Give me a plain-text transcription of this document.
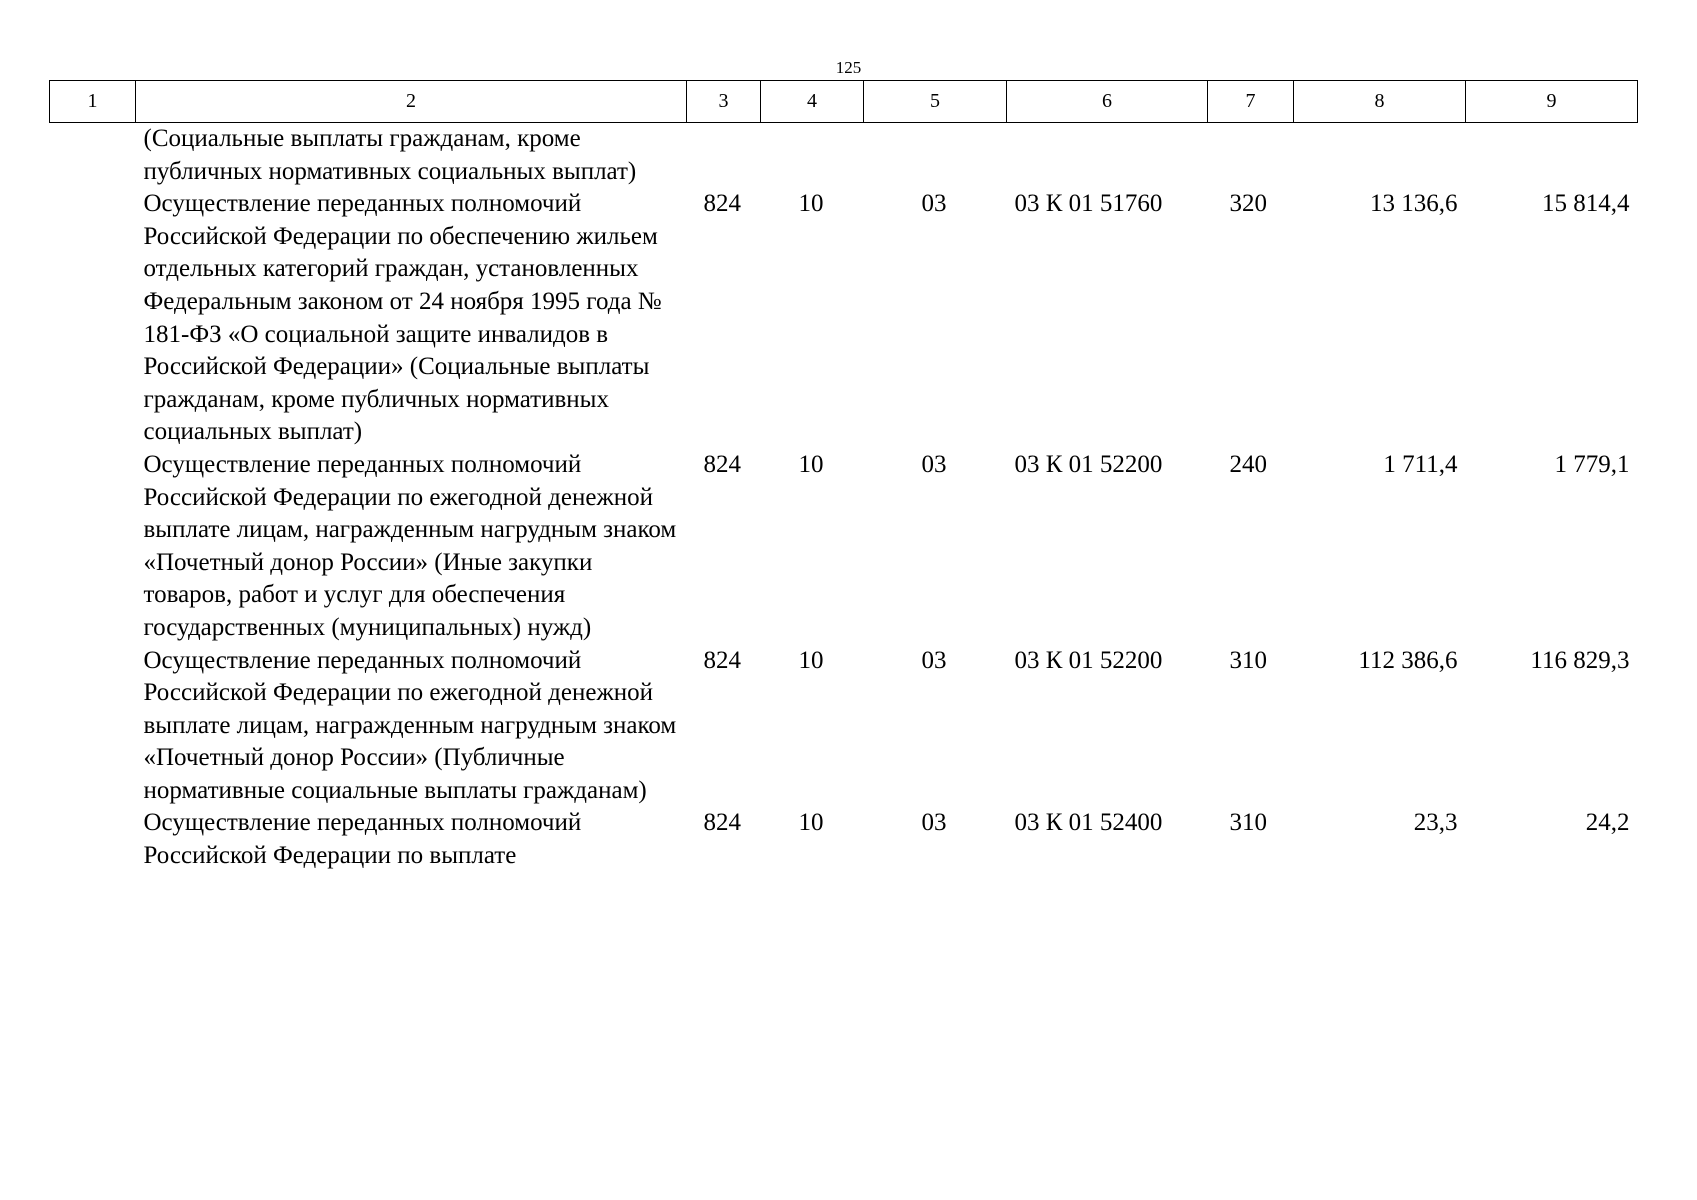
125
1	2	3	4	5	6	7	8	9
	(Социальные выплаты гражданам, кроме публичных нормативных социальных выплат)							
	Осуществление переданных полномочий Российской Федерации по обеспечению жильем отдельных категорий граждан, установленных Федеральным законом от 24 ноября 1995 года № 181-ФЗ «О социальной защите инвалидов в Российской Федерации» (Социальные выплаты гражданам, кроме публичных нормативных социальных выплат)	824	10	03	03 К 01 51760	320	13 136,6	15 814,4
	Осуществление переданных полномочий Российской Федерации по ежегодной денежной выплате лицам, награжденным нагрудным знаком «Почетный донор России» (Иные закупки товаров, работ и услуг для обеспечения государственных (муниципальных) нужд)	824	10	03	03 К 01 52200	240	1 711,4	1 779,1
	Осуществление переданных полномочий Российской Федерации по ежегодной денежной выплате лицам, награжденным нагрудным знаком «Почетный донор России» (Публичные нормативные социальные выплаты гражданам)	824	10	03	03 К 01 52200	310	112 386,6	116 829,3
	Осуществление переданных полномочий Российской Федерации по выплате	824	10	03	03 К 01 52400	310	23,3	24,2
